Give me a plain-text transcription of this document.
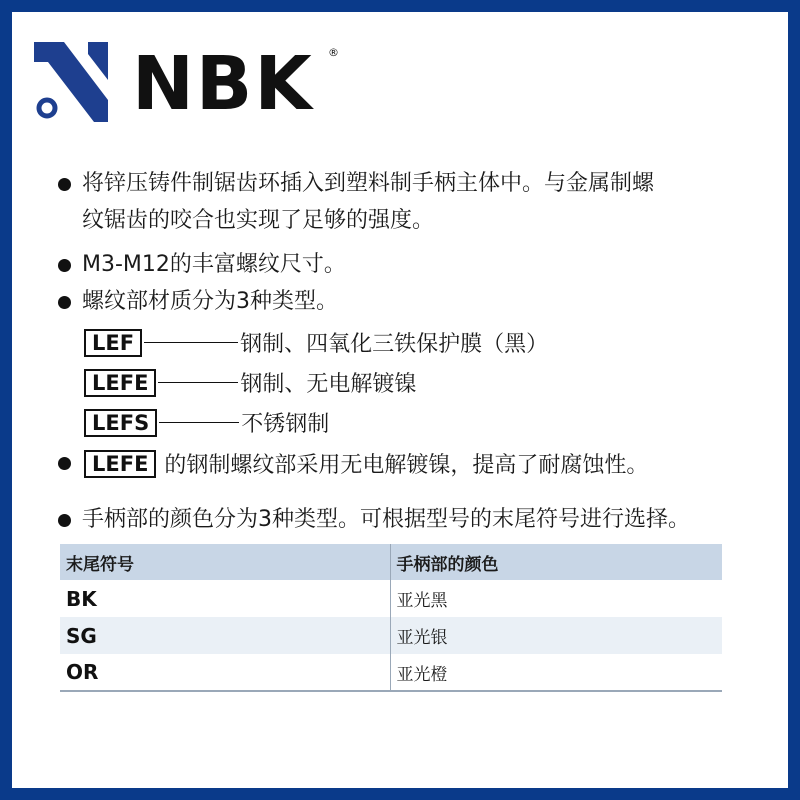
NBK ®
将锌压铸件制锯齿环插入到塑料制手柄主体中。与金属制螺
纹锯齿的咬合也实现了足够的强度。
M3-M12的丰富螺纹尺寸。
螺纹部材质分为3种类型。
LEF	钢制、四氧化三铁保护膜（黑）
LEFE	钢制、无电解镀镍
LEFS	不锈钢制
LEFE 的钢制螺纹部采用无电解镀镍，提高了耐腐蚀性。
手柄部的颜色分为3种类型。可根据型号的末尾符号进行选择。
末尾符号	手柄部的颜色
BK	亚光黑
SG	亚光银
OR	亚光橙
